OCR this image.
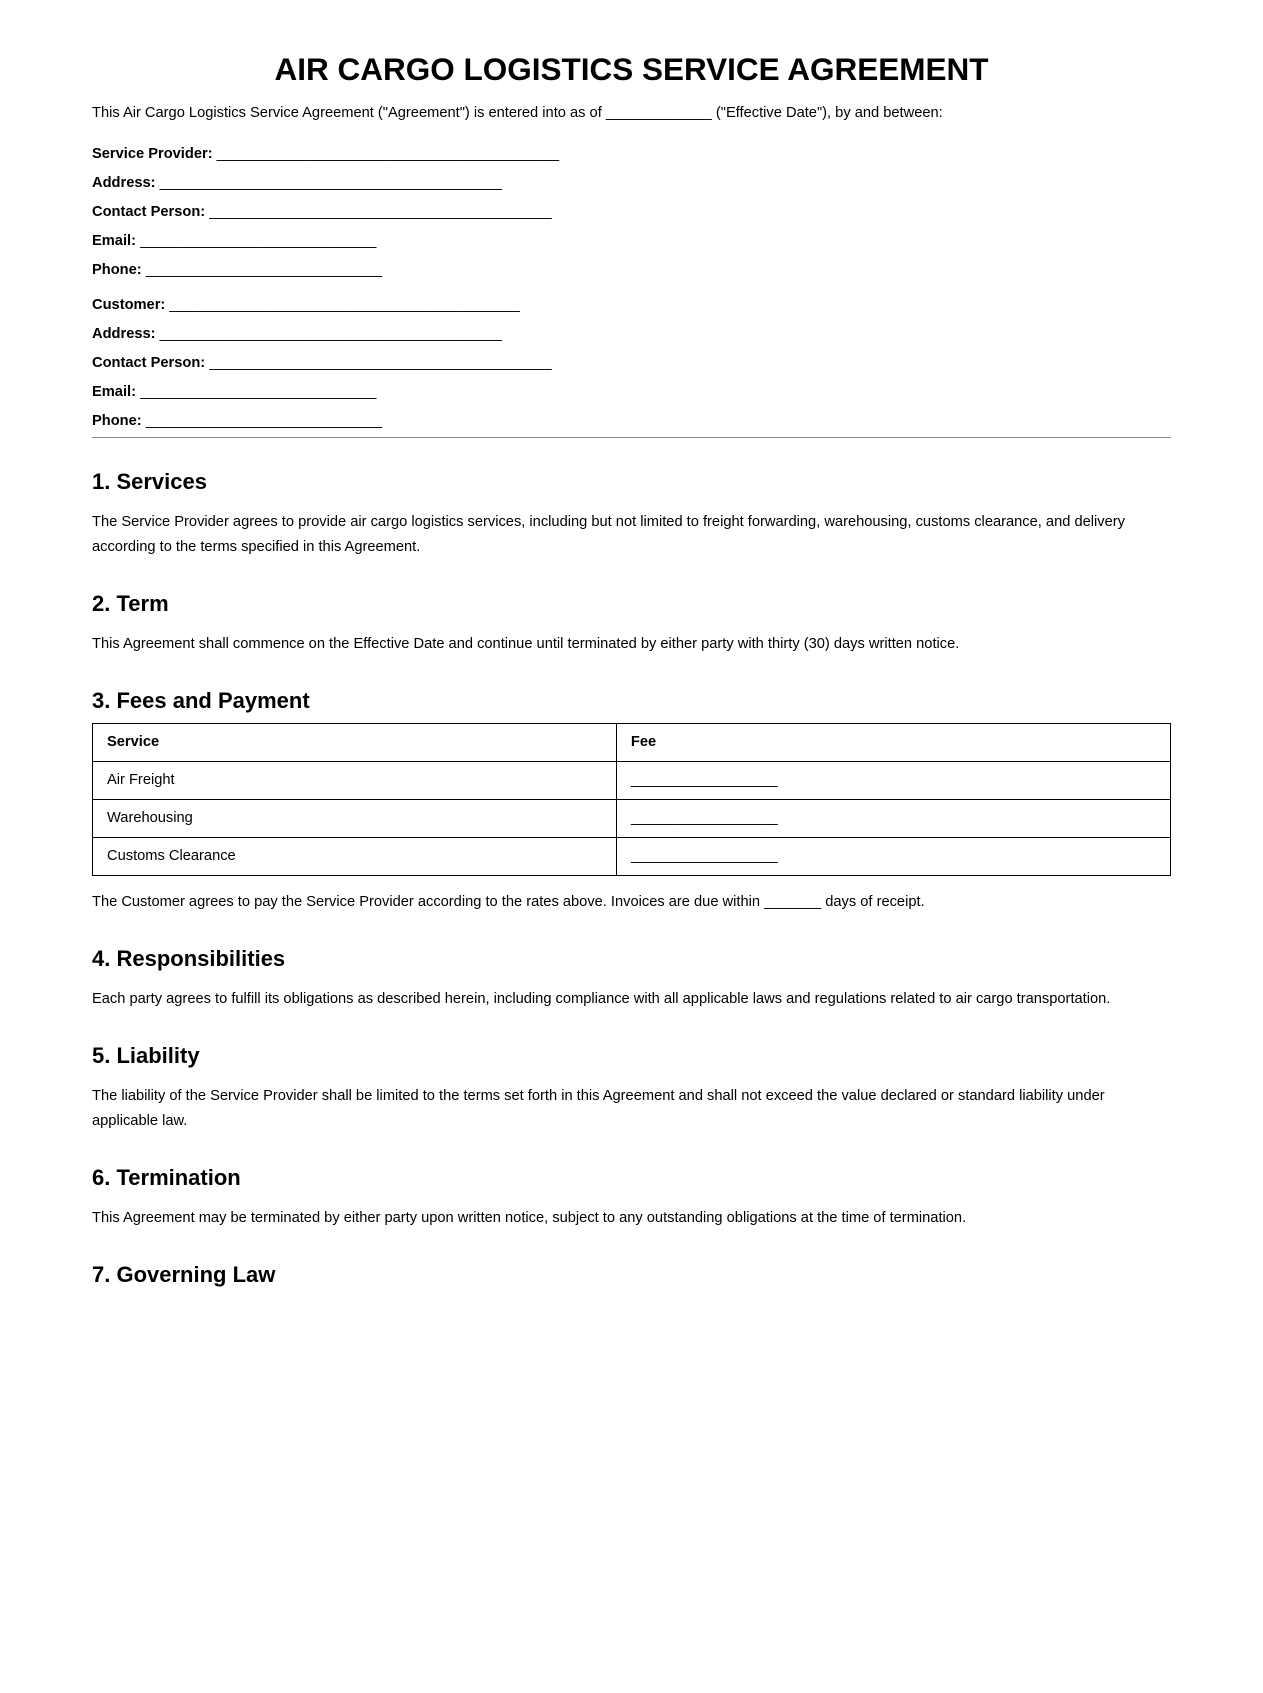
AIR CARGO LOGISTICS SERVICE AGREEMENT

This Air Cargo Logistics Service Agreement ("Agreement") is entered into as of _____________ ("Effective Date"), by and between:

Service Provider: __________________________________________
Address: __________________________________________
Contact Person: __________________________________________
Email: _____________________________
Phone: _____________________________
Customer: ___________________________________________
Address: __________________________________________
Contact Person: __________________________________________
Email: _____________________________
Phone: _____________________________
1. Services

The Service Provider agrees to provide air cargo logistics services, including but not limited to freight forwarding, warehousing, customs clearance, and delivery according to the terms specified in this Agreement.

2. Term

This Agreement shall commence on the Effective Date and continue until terminated by either party with thirty (30) days written notice.

3. Fees and Payment
Service	Fee
Air Freight	__________________
Warehousing	__________________
Customs Clearance	__________________

The Customer agrees to pay the Service Provider according to the rates above. Invoices are due within _______ days of receipt.

4. Responsibilities

Each party agrees to fulfill its obligations as described herein, including compliance with all applicable laws and regulations related to air cargo transportation.

5. Liability

The liability of the Service Provider shall be limited to the terms set forth in this Agreement and shall not exceed the value declared or standard liability under applicable law.

6. Termination

This Agreement may be terminated by either party upon written notice, subject to any outstanding obligations at the time of termination.

7. Governing Law
